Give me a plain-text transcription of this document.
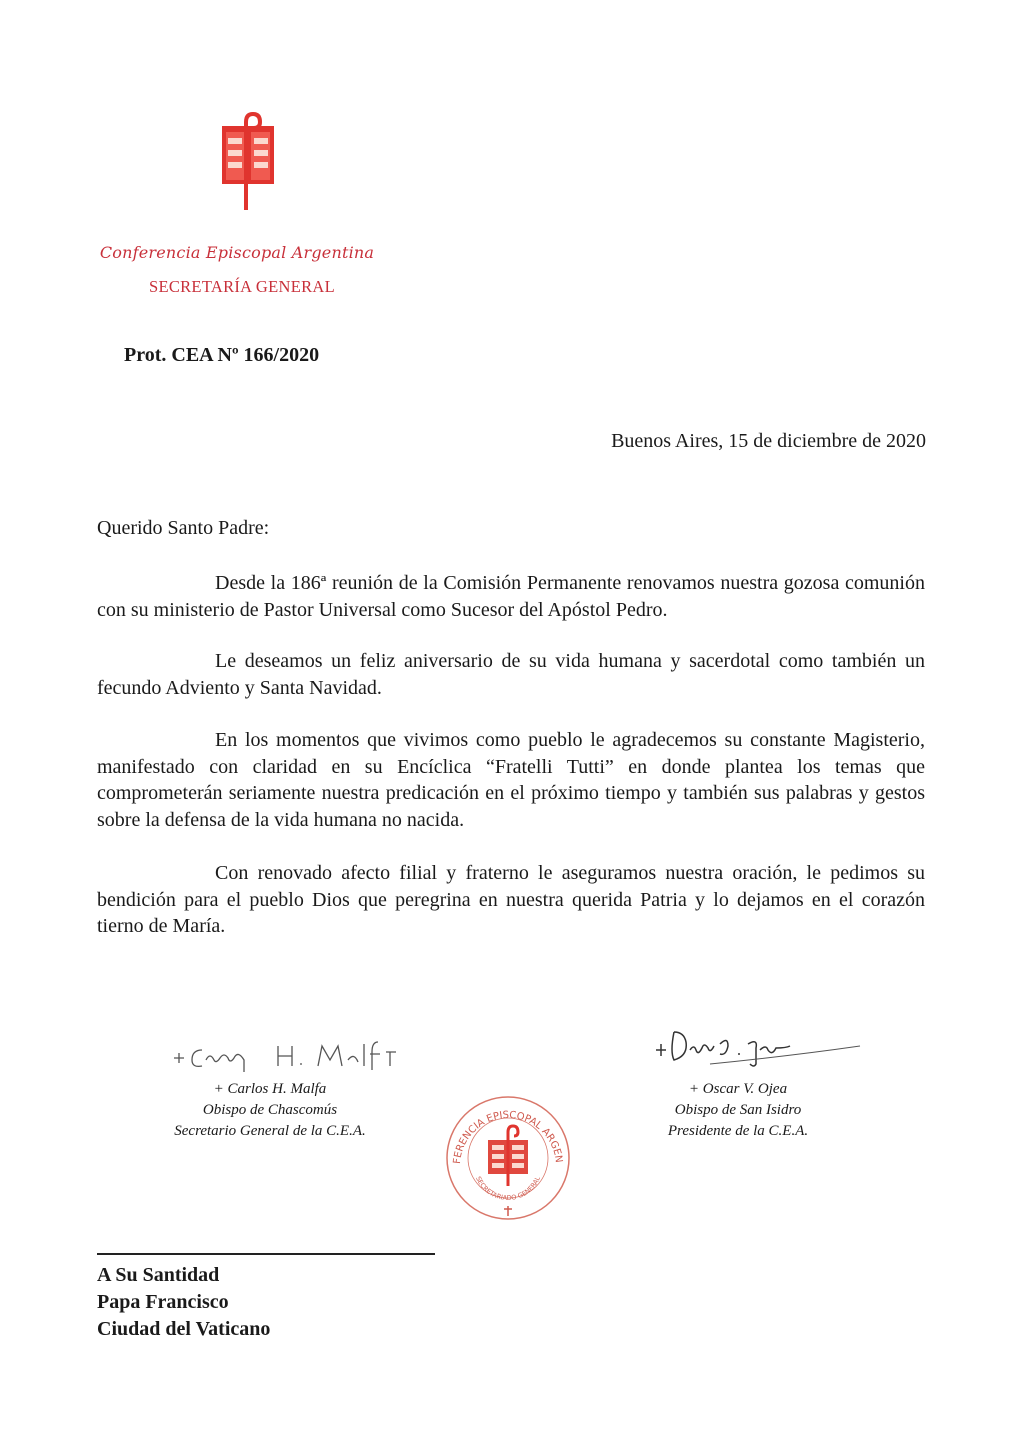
Conferencia Episcopal Argentina
SECRETARÍA GENERAL
Prot. CEA Nº 166/2020
Buenos Aires, 15 de diciembre de 2020
Querido Santo Padre:

Desde la 186ª reunión de la Comisión Permanente renovamos nuestra gozosa comunión con su ministerio de Pastor Universal como Sucesor del Apóstol Pedro.

Le deseamos un feliz aniversario de su vida humana y sacerdotal como también un fecundo Adviento y Santa Navidad.

En los momentos que vivimos como pueblo le agradecemos su constante Magisterio, manifestado con claridad en su Encíclica “Fratelli Tutti” en donde plantea los temas que comprometerán seriamente nuestra predicación en el próximo tiempo y también sus palabras y gestos sobre la defensa de la vida humana no nacida.

Con renovado afecto filial y fraterno le aseguramos nuestra oración, le pedimos su bendición para el pueblo Dios que peregrina en nuestra querida Patria y lo dejamos en el corazón tierno de María.

+ Carlos H. Malfa
Obispo de Chascomús
Secretario General de la C.E.A.
+ Oscar V. Ojea
Obispo de San Isidro
Presidente de la C.E.A.
FERENCIA EPISCOPAL ARGEN
SECRETARIADO GENERAL
A Su Santidad
Papa Francisco
Ciudad del Vaticano
